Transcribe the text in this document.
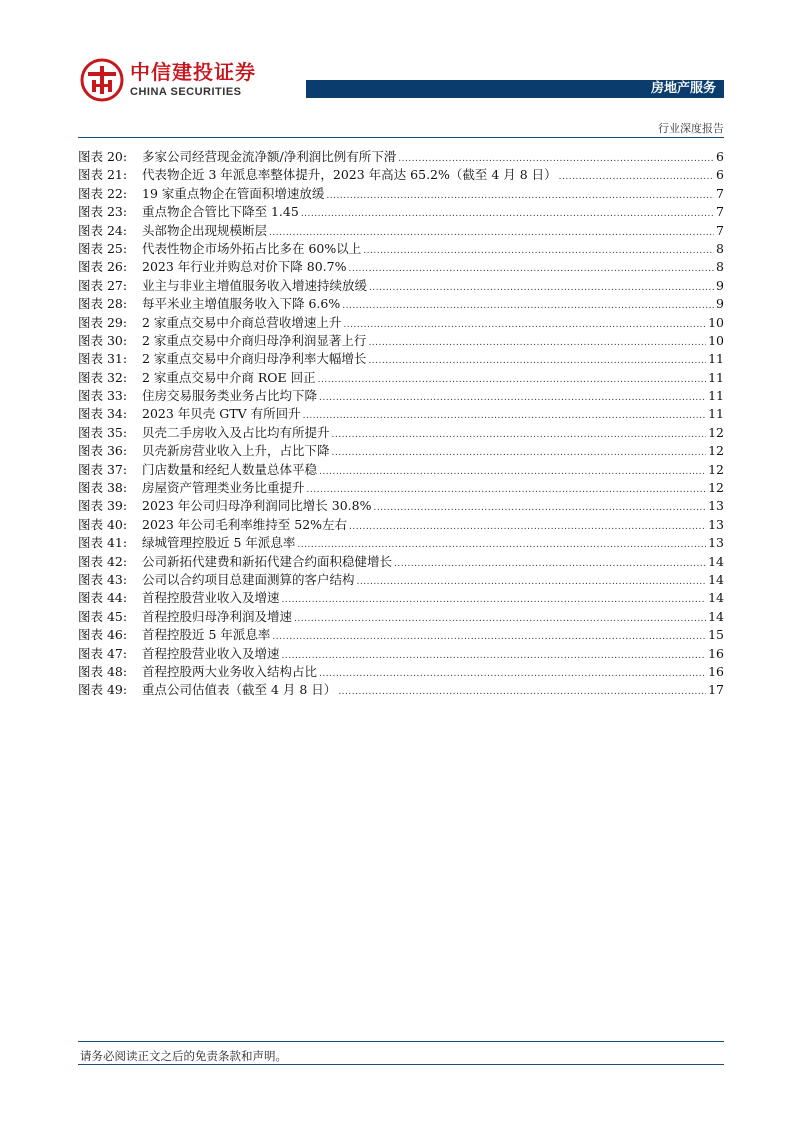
中信建投证券
CHINA SECURITIES	房地产服务
行业深度报告
图表 20:	多家公司经营现金流净额/净利润比例有所下滑 .....	6
图表 21:	代表物企近 3 年派息率整体提升，2023 年高达 65.2%（截至 4 月 8 日） .....	6
图表 22:	19 家重点物企在管面积增速放缓 .....	7
图表 23:	重点物企合管比下降至 1.45 .....	7
图表 24:	头部物企出现规模断层 .....	7
图表 25:	代表性物企市场外拓占比多在 60%以上 .....	8
图表 26:	2023 年行业并购总对价下降 80.7% .....	8
图表 27:	业主与非业主增值服务收入增速持续放缓 .....	9
图表 28:	每平米业主增值服务收入下降 6.6% .....	9
图表 29:	2 家重点交易中介商总营收增速上升 .....	10
图表 30:	2 家重点交易中介商归母净利润显著上行 .....	10
图表 31:	2 家重点交易中介商归母净利率大幅增长 .....	11
图表 32:	2 家重点交易中介商 ROE 回正 .....	11
图表 33:	住房交易服务类业务占比均下降 .....	11
图表 34:	2023 年贝壳 GTV 有所回升 .....	11
图表 35:	贝壳二手房收入及占比均有所提升 .....	12
图表 36:	贝壳新房营业收入上升，占比下降 .....	12
图表 37:	门店数量和经纪人数量总体平稳 .....	12
图表 38:	房屋资产管理类业务比重提升 .....	12
图表 39:	2023 年公司归母净利润同比增长 30.8% .....	13
图表 40:	2023 年公司毛利率维持至 52%左右 .....	13
图表 41:	绿城管理控股近 5 年派息率 .....	13
图表 42:	公司新拓代建费和新拓代建合约面积稳健增长 .....	14
图表 43:	公司以合约项目总建面测算的客户结构 .....	14
图表 44:	首程控股营业收入及增速 .....	14
图表 45:	首程控股归母净利润及增速 .....	14
图表 46:	首程控股近 5 年派息率 .....	15
图表 47:	首程控股营业收入及增速 .....	16
图表 48:	首程控股两大业务收入结构占比 .....	16
图表 49:	重点公司估值表（截至 4 月 8 日） .....	17
请务必阅读正文之后的免责条款和声明。
